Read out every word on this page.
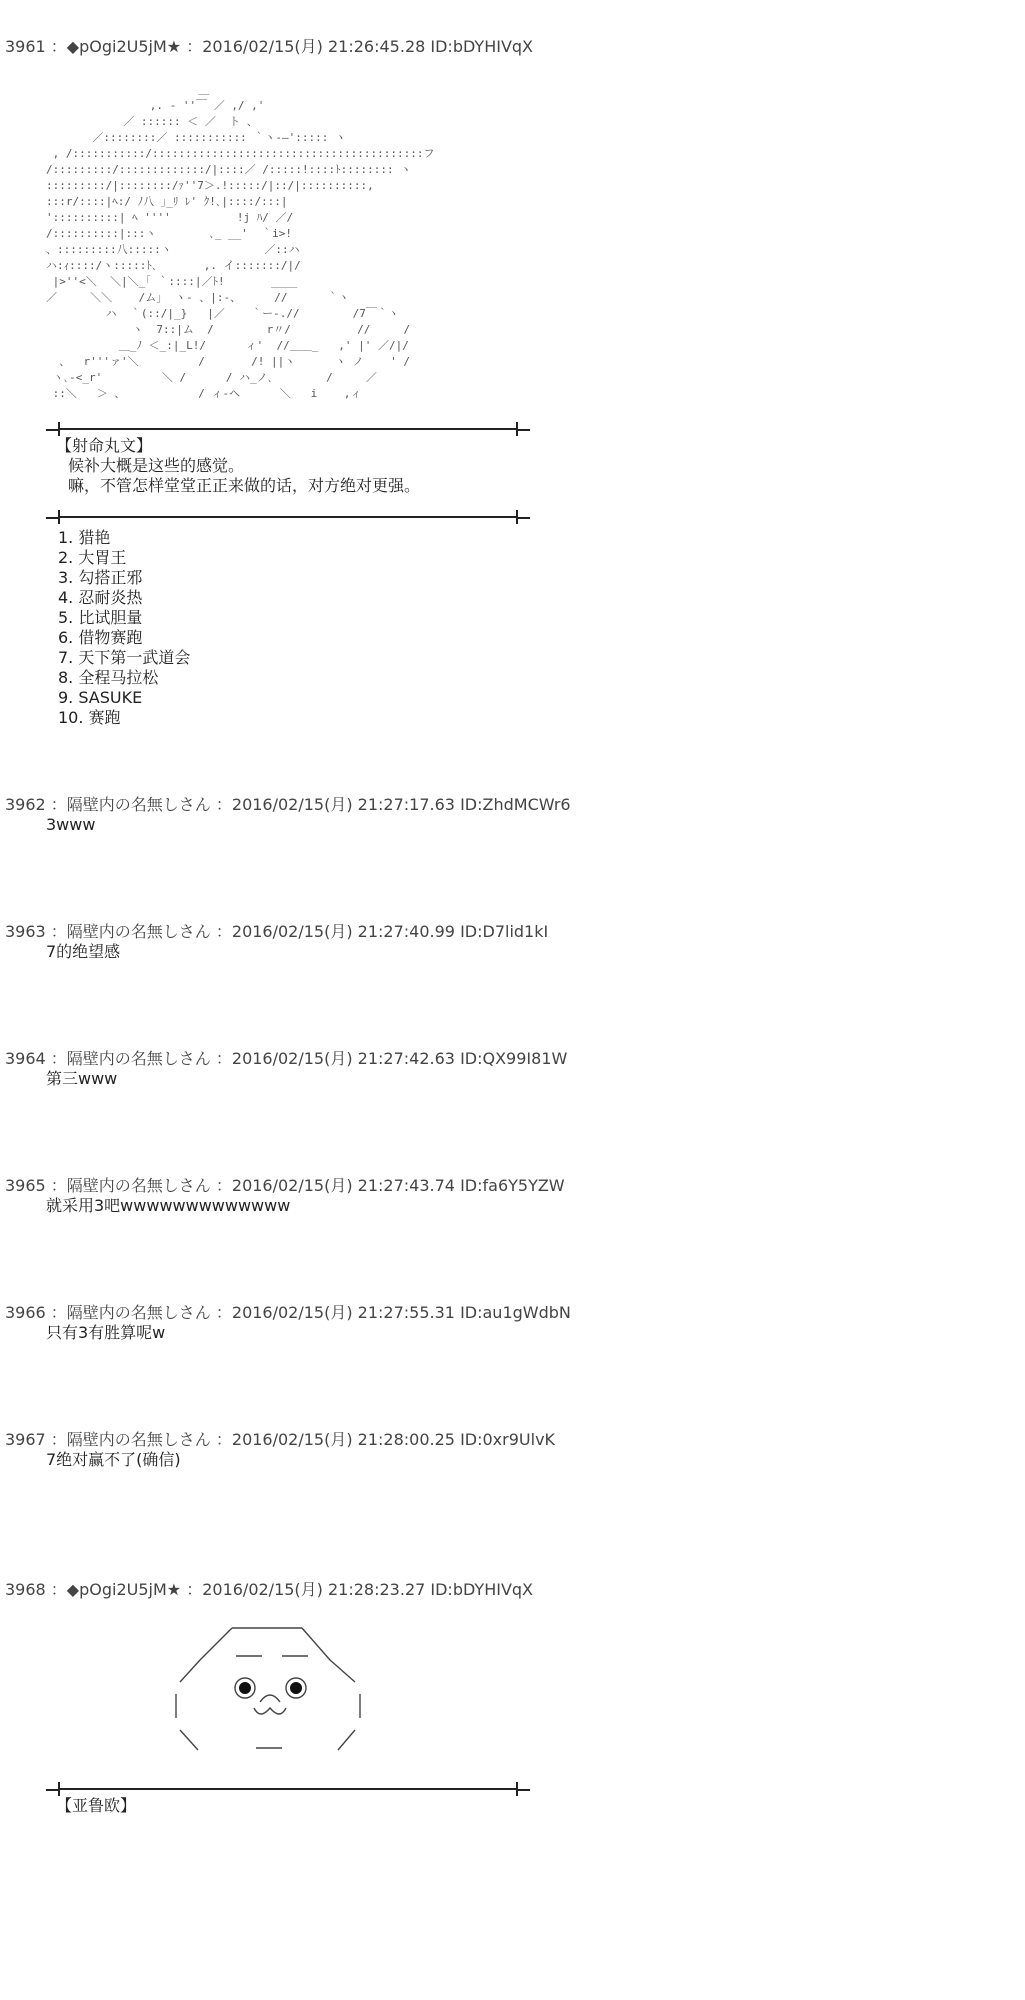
3961 ：◆pOgi2U5jM★ ：2016/02/15(月) 21:26:45.28 ID:bDYHIVqX
＿
　 ,. ‐ ''￣ ／ ,/ ,'
　／ :::::: ＜ ／  ト 、
／::::::::／ ::::::::::: ｀ヽ-―'::::: ヽ
, /:::::::::::/:::::::::::::::::::::::::::::::::::::::::フ
/:::::::::/:::::::::::::/|::::／ /:::::!::::ﾄ:::::::: ヽ
:::::::::/|::::::::/ｧ''7＞.!:::::/|::/|::::::::::,
:::r/::::|ﾍ:/ ﾉ八 ｣_ﾘ ﾚ' ｸ!､|::::/:::|
'::::::::::| ﾍ ''''          !j ﾊ/ ／/
/::::::::::|:::ヽ        ､_ __'  ｀i>!
、:::::::::八:::::ヽ              ／::ハ
ハ:ｨ::::/ヽ:::::ﾄ､       ,. イ:::::::/|/
|>''<＼  ＼|＼_｢ ｀::::|／ﾄ!       ____
／     ＼＼    /ム｣  ヽ- 、|:-、     //      ｀ヽ
ハ  ｀(::/|_}   |／    ｀ー-.//        /7￣｀ヽ
ヽ  7::|ム  /        r〃/          //     /
＿_ﾉ ＜_:|_L!/      ィ'  //＿＿_   ,' |' ／/|/
、  r'''ァ'＼         /       /! ||ヽ      ヽ ノ    ' /
ヽ､-<_r'         ＼ /      / ハ_ノ､        /     ／
::＼   ＞ 、           / ィ-ヘ      ＼   i    ,ィ
【射命丸文】
候补大概是这些的感觉。
嘛，不管怎样堂堂正正来做的话，对方绝对更强。
1. 猎艳
2. 大胃王
3. 勾搭正邪
4. 忍耐炎热
5. 比试胆量
6. 借物赛跑
7. 天下第一武道会
8. 全程马拉松
9. SASUKE
10. 赛跑
3962 ：隔壁内の名無しさん ：2016/02/15(月) 21:27:17.63 ID:ZhdMCWr6
3www
3963 ：隔壁内の名無しさん ：2016/02/15(月) 21:27:40.99 ID:D7lid1kI
7的绝望感
3964 ：隔壁内の名無しさん ：2016/02/15(月) 21:27:42.63 ID:QX99I81W
第三www
3965 ：隔壁内の名無しさん ：2016/02/15(月) 21:27:43.74 ID:fa6Y5YZW
就采用3吧wwwwwwwwwwwww
3966 ：隔壁内の名無しさん ：2016/02/15(月) 21:27:55.31 ID:au1gWdbN
只有3有胜算呢w
3967 ：隔壁内の名無しさん ：2016/02/15(月) 21:28:00.25 ID:0xr9UlvK
7绝对赢不了(确信)
3968 ：◆pOgi2U5jM★ ：2016/02/15(月) 21:28:23.27 ID:bDYHIVqX
【亚鲁欧】
